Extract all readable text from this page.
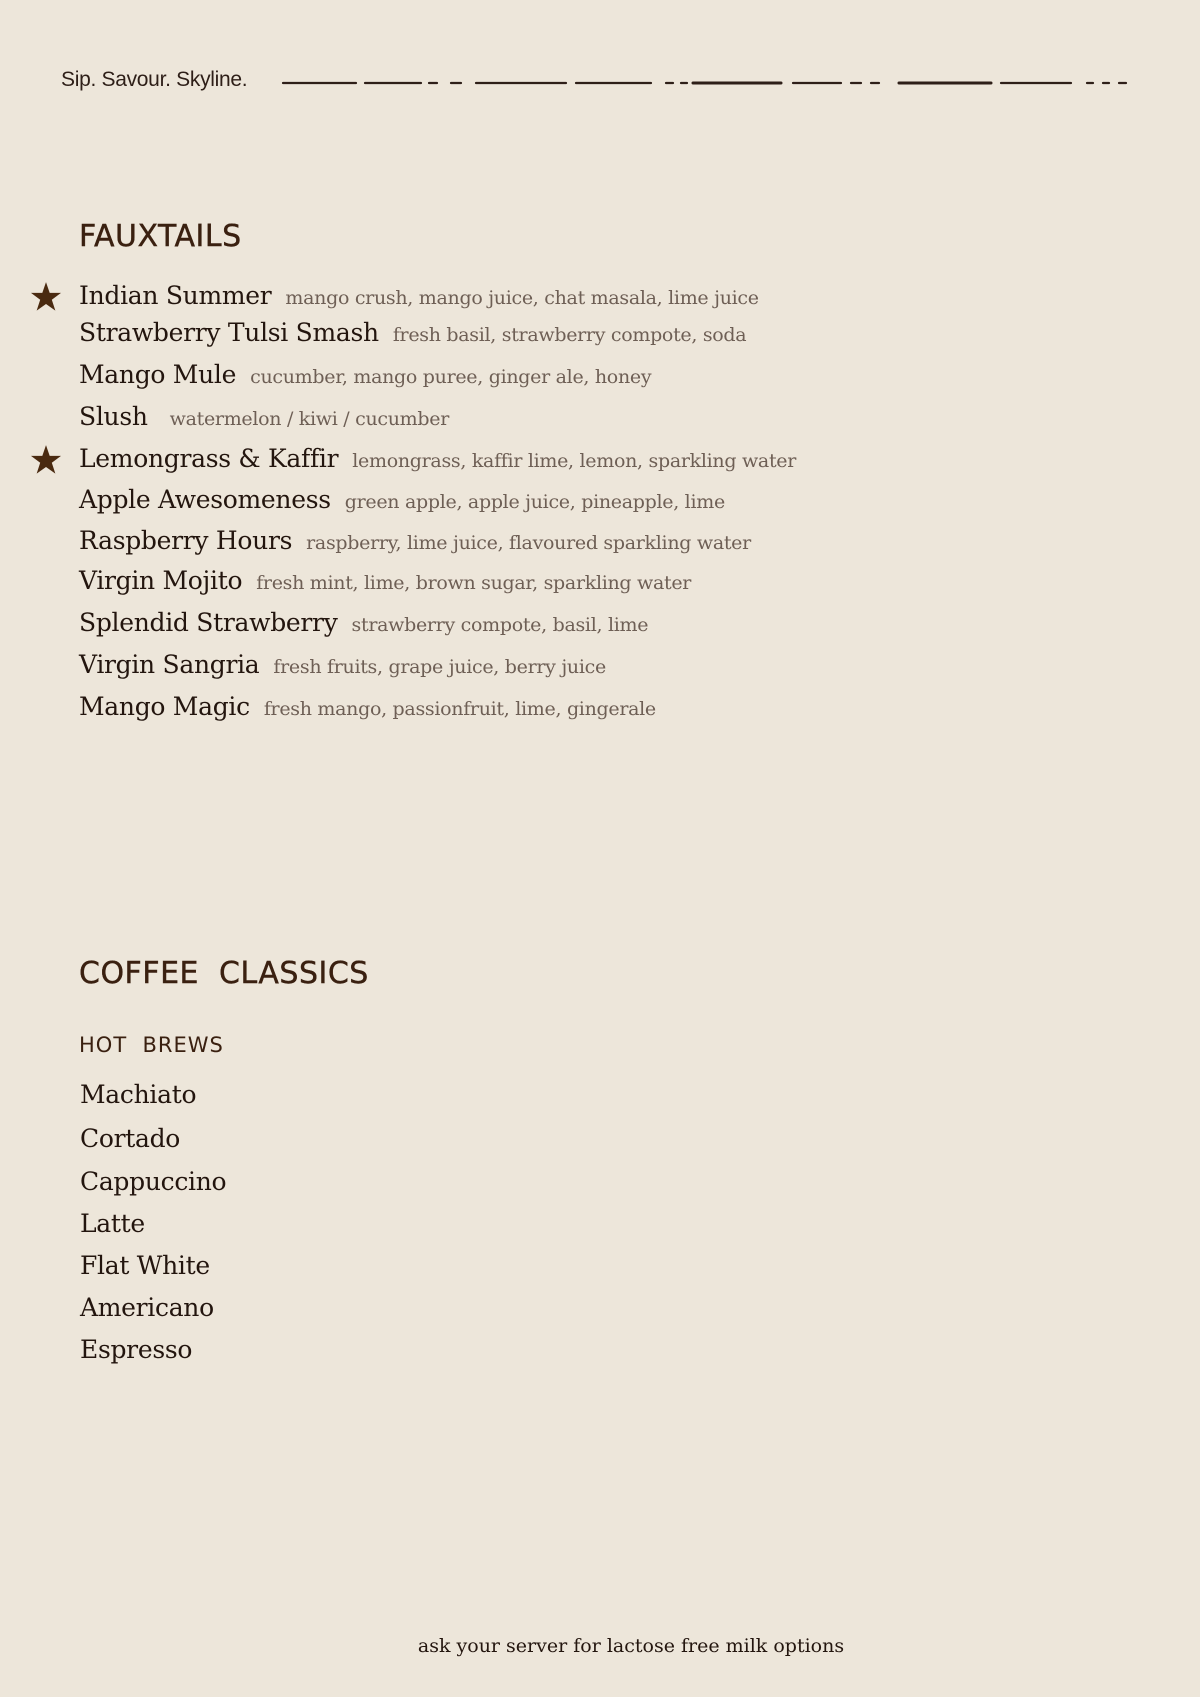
Sip. Savour. Skyline.
FAUXTAILS
Indian Summer mango crush, mango juice, chat masala, lime juice
Strawberry Tulsi Smash fresh basil, strawberry compote, soda
Mango Mule cucumber, mango puree, ginger ale, honey
Slush watermelon / kiwi / cucumber
Lemongrass & Kaffir lemongrass, kaffir lime, lemon, sparkling water
Apple Awesomeness green apple, apple juice, pineapple, lime
Raspberry Hours raspberry, lime juice, flavoured sparkling water
Virgin Mojito fresh mint, lime, brown sugar, sparkling water
Splendid Strawberry strawberry compote, basil, lime
Virgin Sangria fresh fruits, grape juice, berry juice
Mango Magic fresh mango, passionfruit, lime, gingerale
COFFEE  CLASSICS
HOT  BREWS
Machiato
Cortado
Cappuccino
Latte
Flat White
Americano
Espresso
ask your server for lactose free milk options
